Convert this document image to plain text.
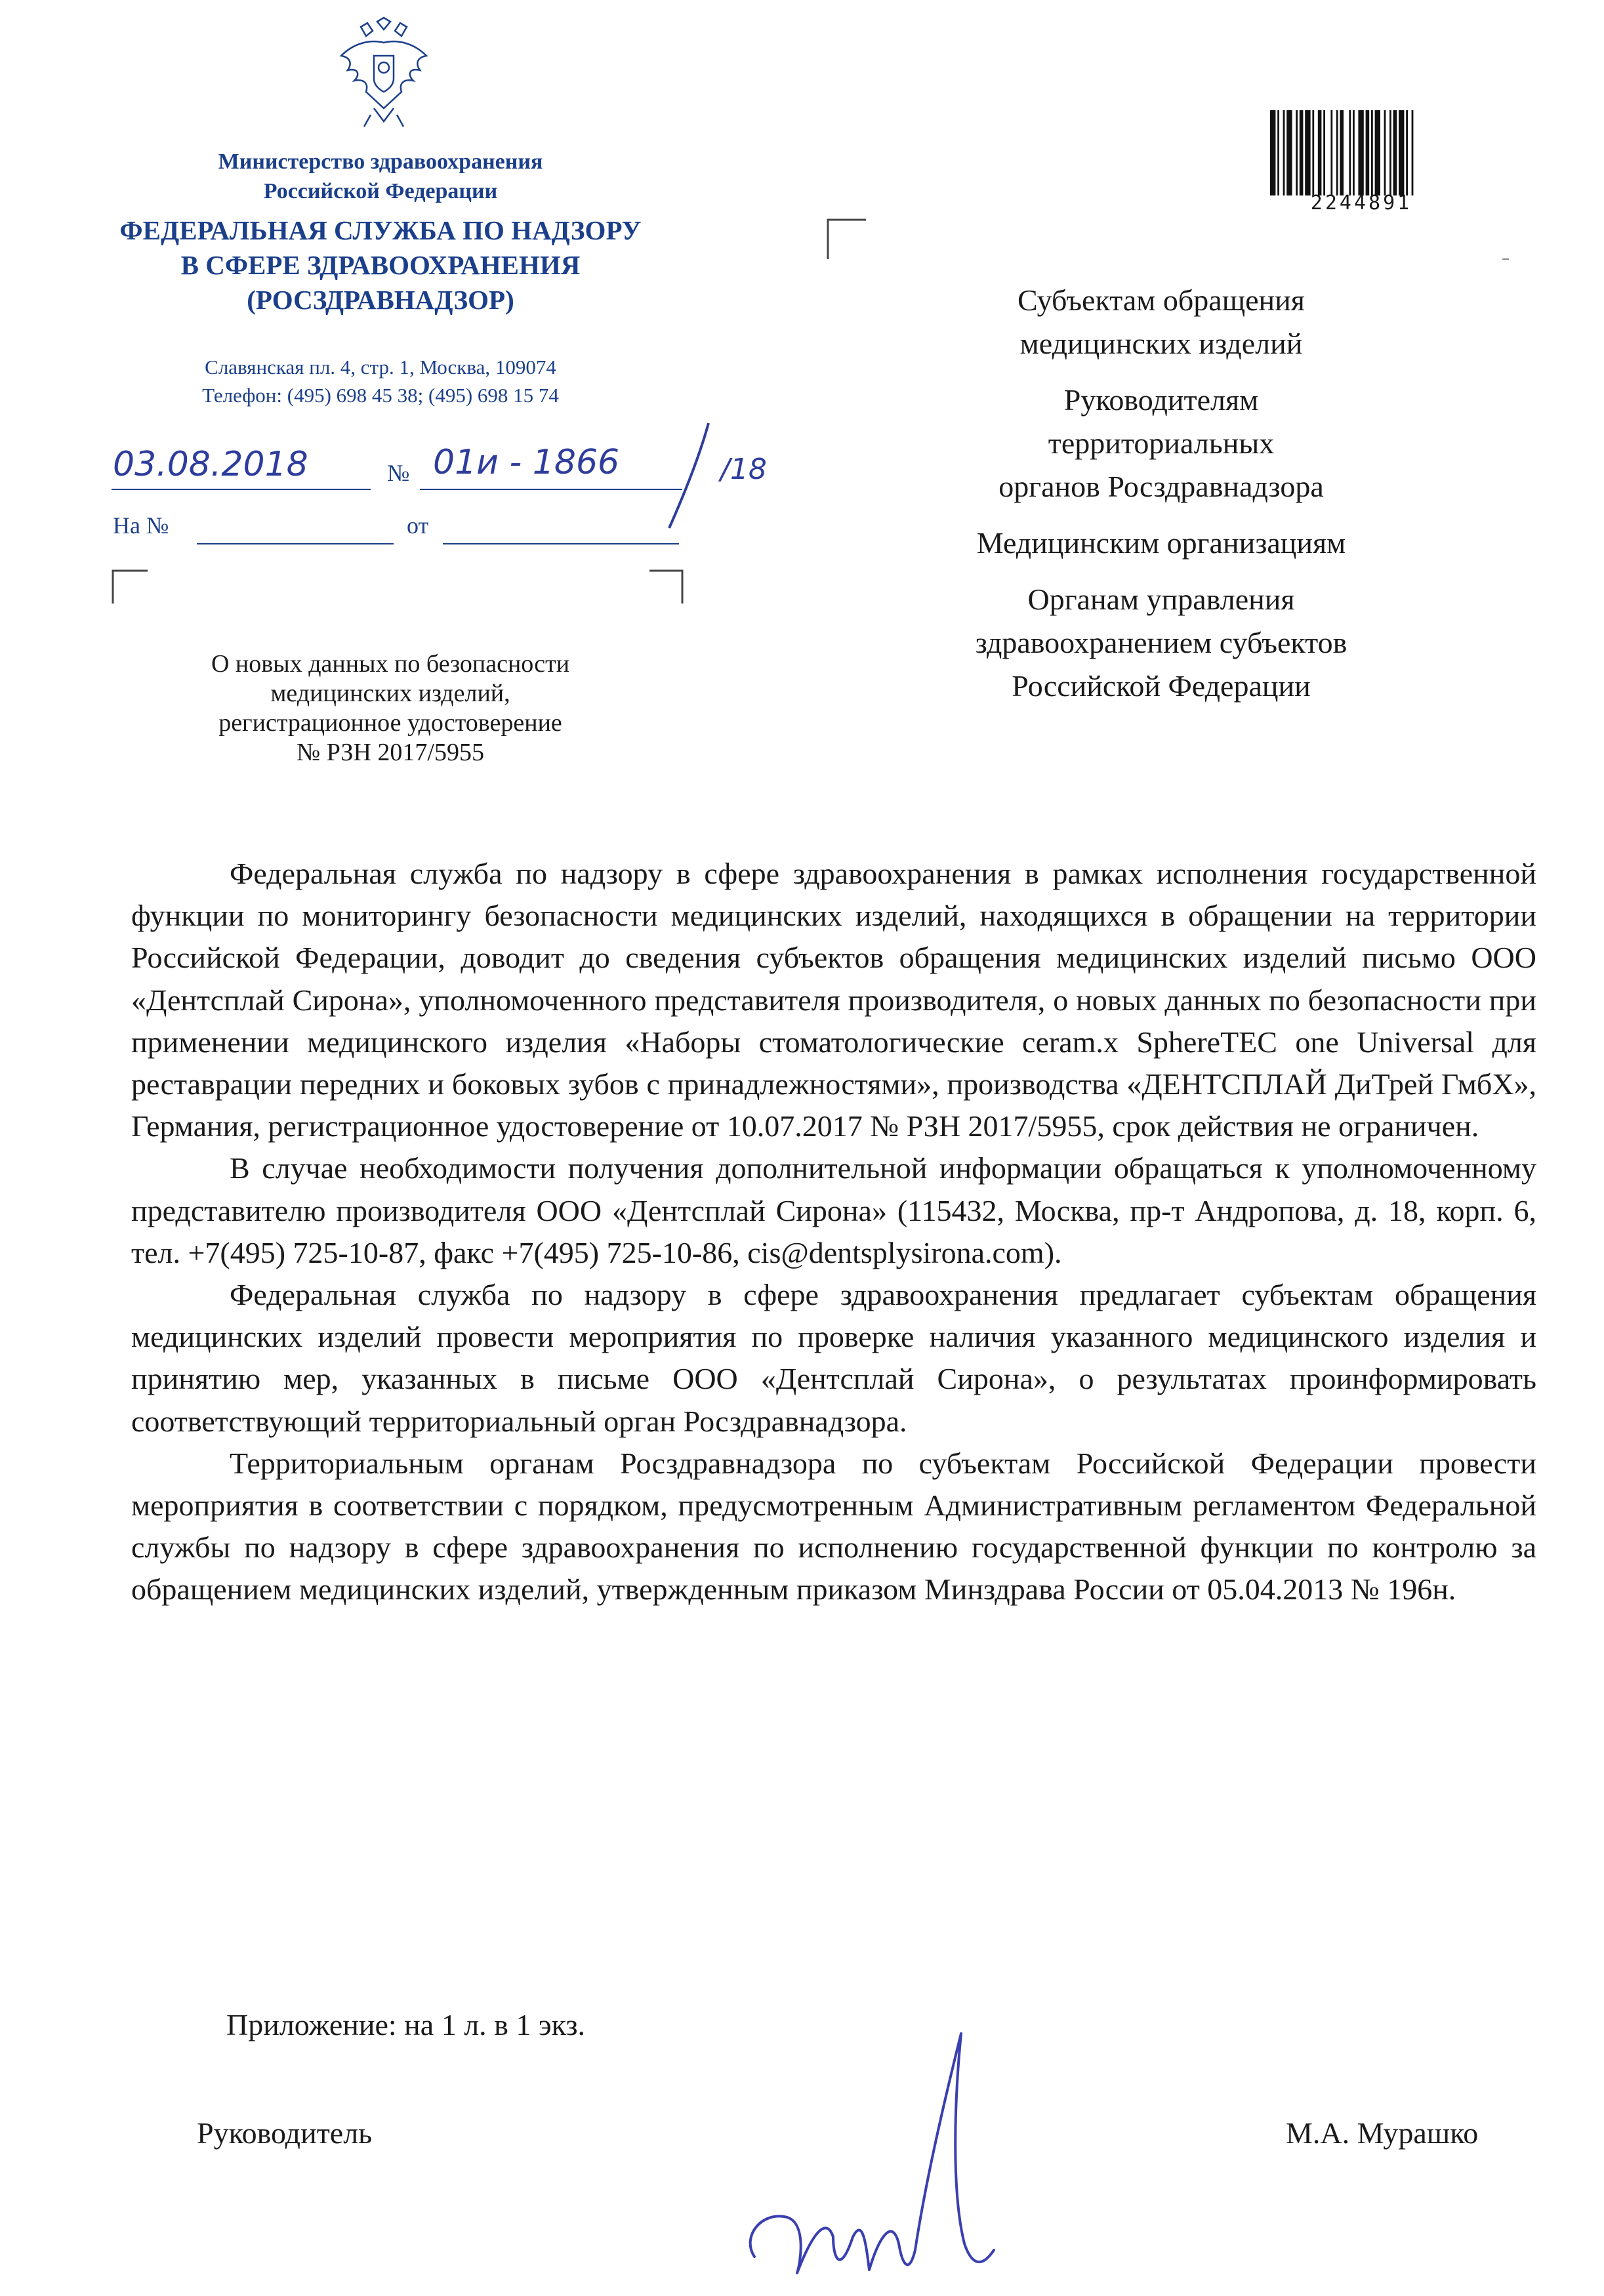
Министерство здравоохранения
Российской Федерации
ФЕДЕРАЛЬНАЯ СЛУЖБА ПО НАДЗОРУ
В СФЕРЕ ЗДРАВООХРАНЕНИЯ
(РОСЗДРАВНАДЗОР)
Славянская пл. 4, стр. 1, Москва, 109074
Телефон: (495) 698 45 38; (495) 698 15 74
03.08.2018	№ 01и - 1866	/18
На №	от
О новых данных по безопасности
медицинских изделий,
регистрационное удостоверение
№ РЗН 2017/5955
2244891
Субъектам обращения
медицинских изделий
Руководителям
территориальных
органов Росздравнадзора
Медицинским организациям
Органам управления
здравоохранением субъектов
Российской Федерации

Федеральная служба по надзору в сфере здравоохранения в рамках исполнения государственной функции по мониторингу безопасности медицинских изделий, находящихся в обращении на территории Российской Федерации, доводит до сведения субъектов обращения медицинских изделий письмо ООО «Дентсплай Сирона», уполномоченного представителя производителя, о новых данных по безопасности при применении медицинского изделия «Наборы стоматологические ceram.x SphereTEC one Universal для реставрации передних и боковых зубов с принадлежностями», производства «ДЕНТСПЛАЙ ДиТрей ГмбХ», Германия, регистрационное удостоверение от 10.07.2017 № РЗН 2017/5955, срок действия не ограничен.

В случае необходимости получения дополнительной информации обращаться к уполномоченному представителю производителя ООО «Дентсплай Сирона» (115432, Москва, пр-т Андропова, д. 18, корп. 6, тел. +7(495) 725-10-87, факс +7(495) 725-10-86, cis@dentsplysirona.com).

Федеральная служба по надзору в сфере здравоохранения предлагает субъектам обращения медицинских изделий провести мероприятия по проверке наличия указанного медицинского изделия и принятию мер, указанных в письме ООО «Дентсплай Сирона», о результатах проинформировать соответствующий территориальный орган Росздравнадзора.

Территориальным органам Росздравнадзора по субъектам Российской Федерации провести мероприятия в соответствии с порядком, предусмотренным Административным регламентом Федеральной службы по надзору в сфере здравоохранения по исполнению государственной функции по контролю за обращением медицинских изделий, утвержденным приказом Минздрава России от 05.04.2013 № 196н.

Приложение: на 1 л. в 1 экз.
Руководитель	М.А. Мурашко
